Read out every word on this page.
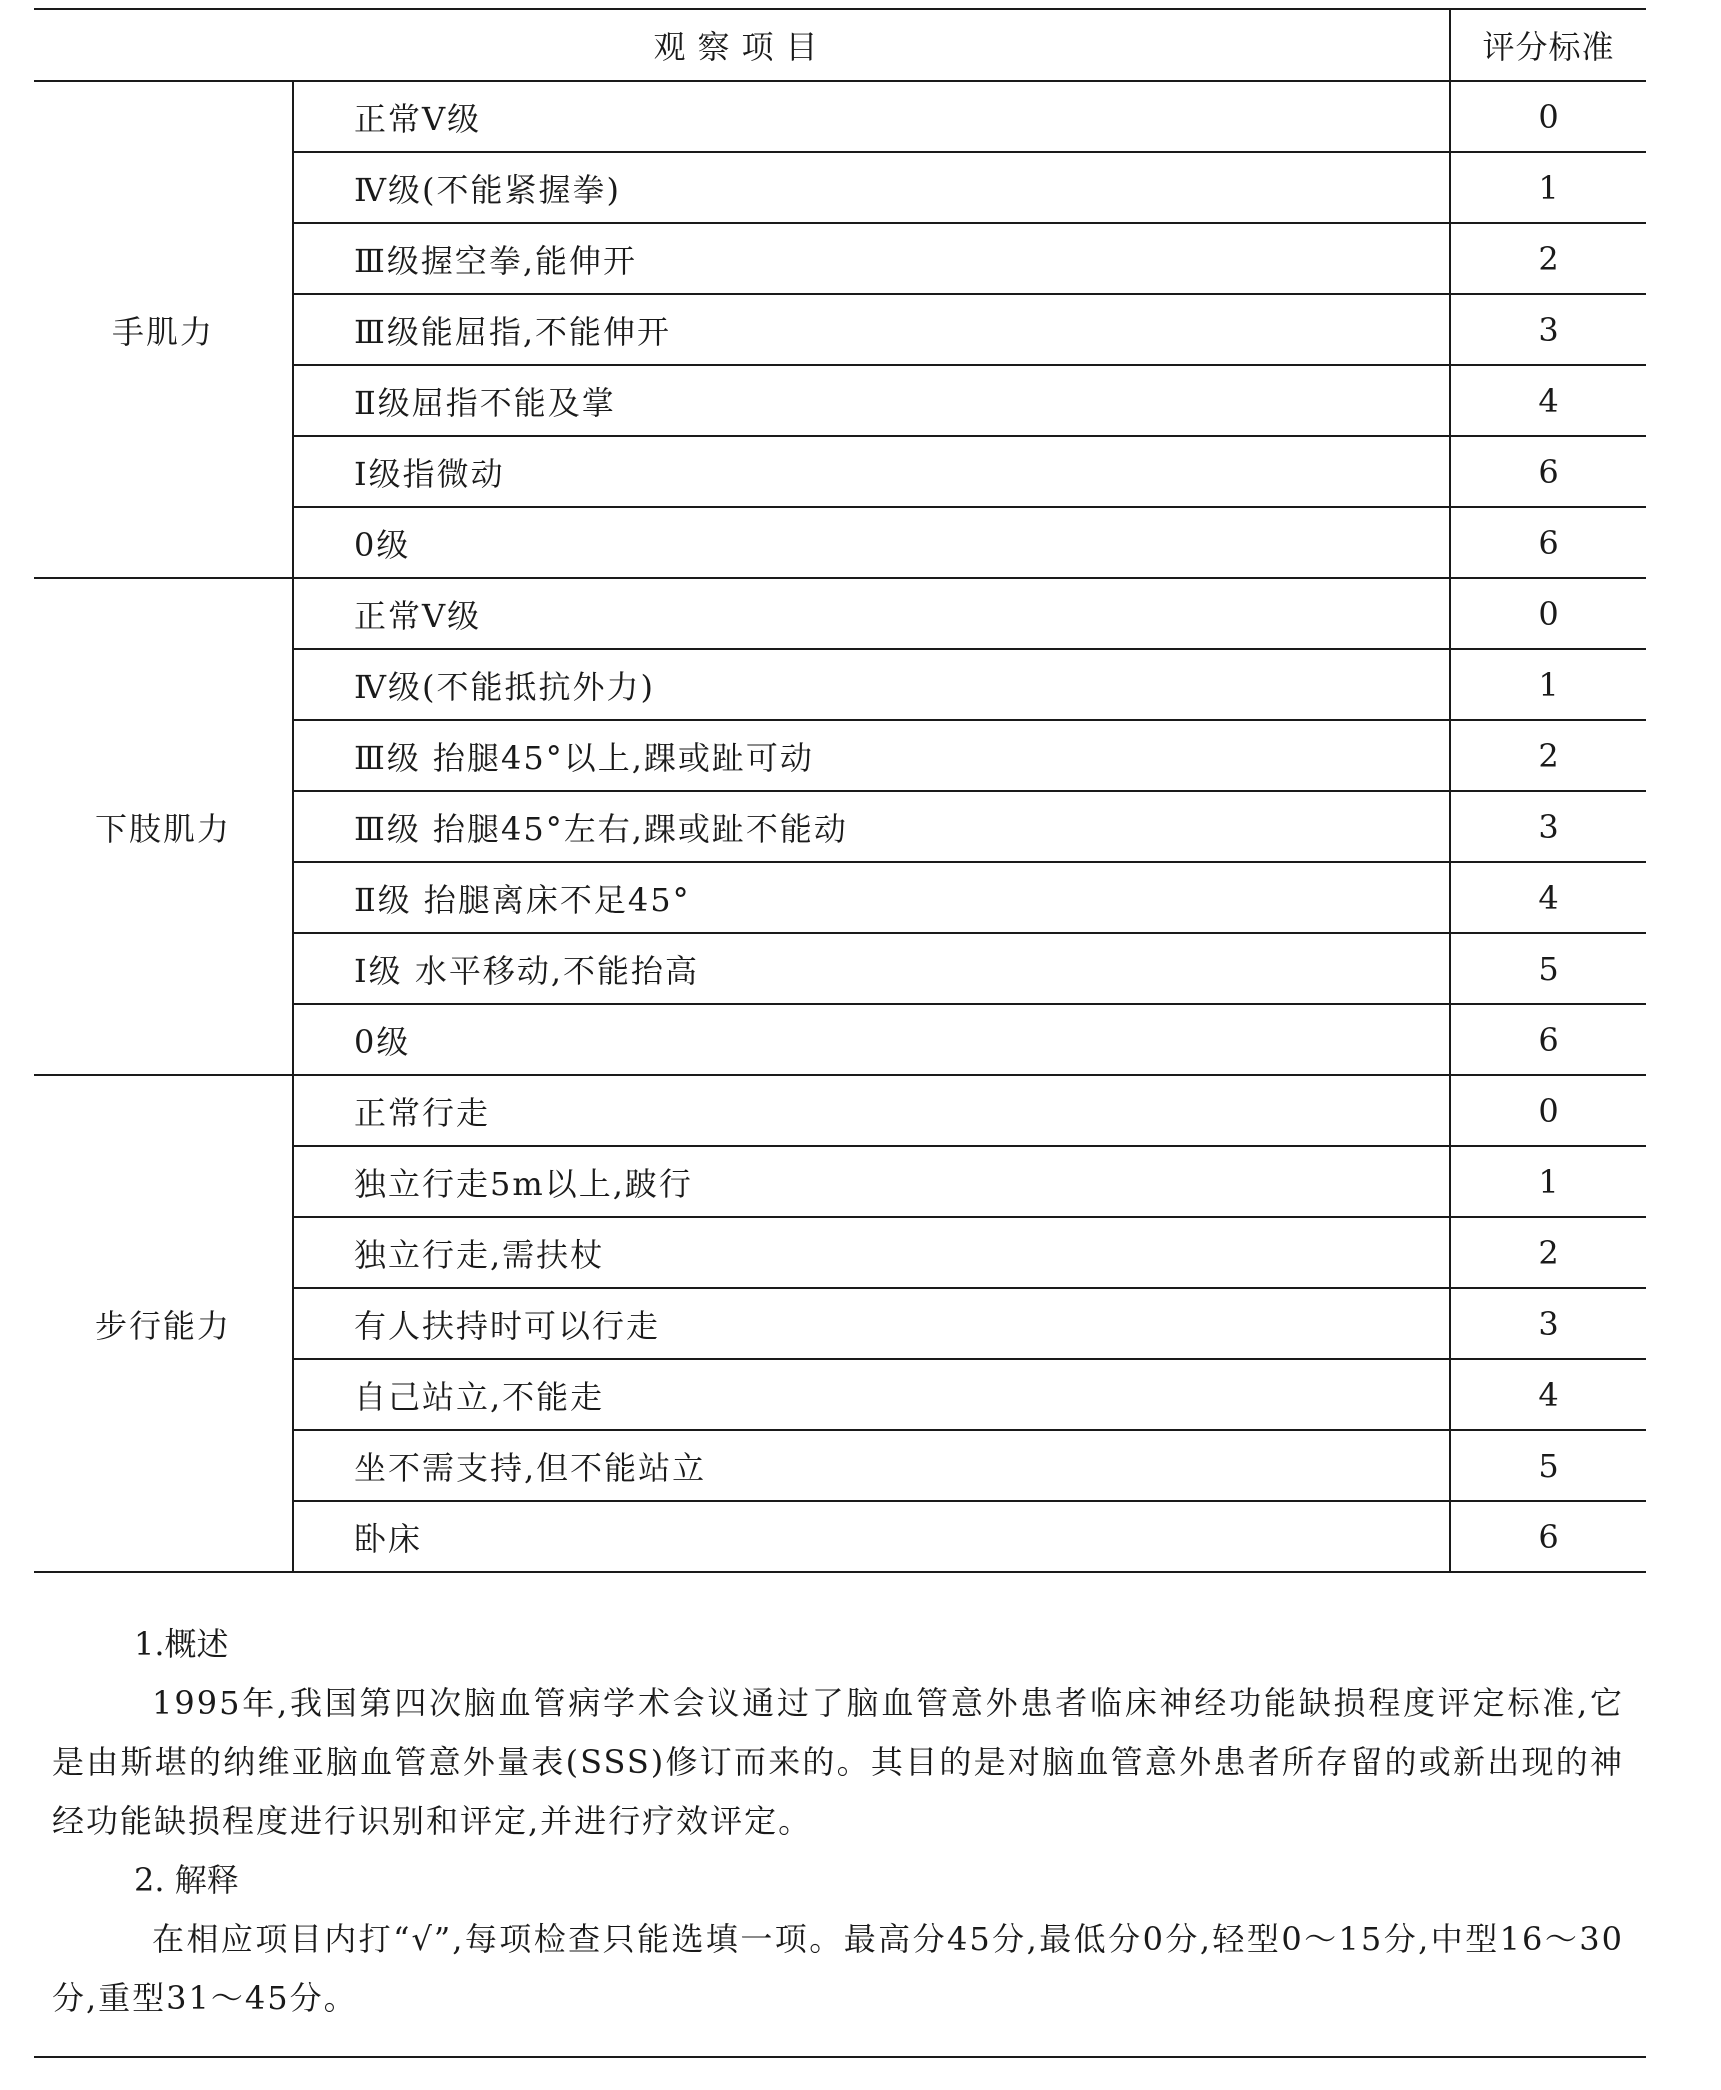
观察项目		评分标准
手肌力	正常Ⅴ级	0
	Ⅳ级(不能紧握拳)	1
	Ⅲ级握空拳,能伸开	2
	Ⅲ级能屈指,不能伸开	3
	Ⅱ级屈指不能及掌	4
	Ⅰ级指微动	6
	0级	6
下肢肌力	正常Ⅴ级	0
	Ⅳ级(不能抵抗外力)	1
	Ⅲ级 抬腿45°以上,踝或趾可动	2
	Ⅲ级 抬腿45°左右,踝或趾不能动	3
	Ⅱ级 抬腿离床不足45°	4
	Ⅰ级 水平移动,不能抬高	5
	0级	6
步行能力	正常行走	0
	独立行走5m以上,跛行	1
	独立行走,需扶杖	2
	有人扶持时可以行走	3
	自己站立,不能走	4
	坐不需支持,但不能站立	5
	卧床	6
1.概述
1995年,我国第四次脑血管病学术会议通过了脑血管意外患者临床神经功能缺损程度评定标准,它是由斯堪的纳维亚脑血管意外量表(SSS)修订而来的。其目的是对脑血管意外患者所存留的或新出现的神经功能缺损程度进行识别和评定,并进行疗效评定。
2. 解释
在相应项目内打“√”,每项检查只能选填一项。最高分45分,最低分0分,轻型0～15分,中型16～30分,重型31～45分。
